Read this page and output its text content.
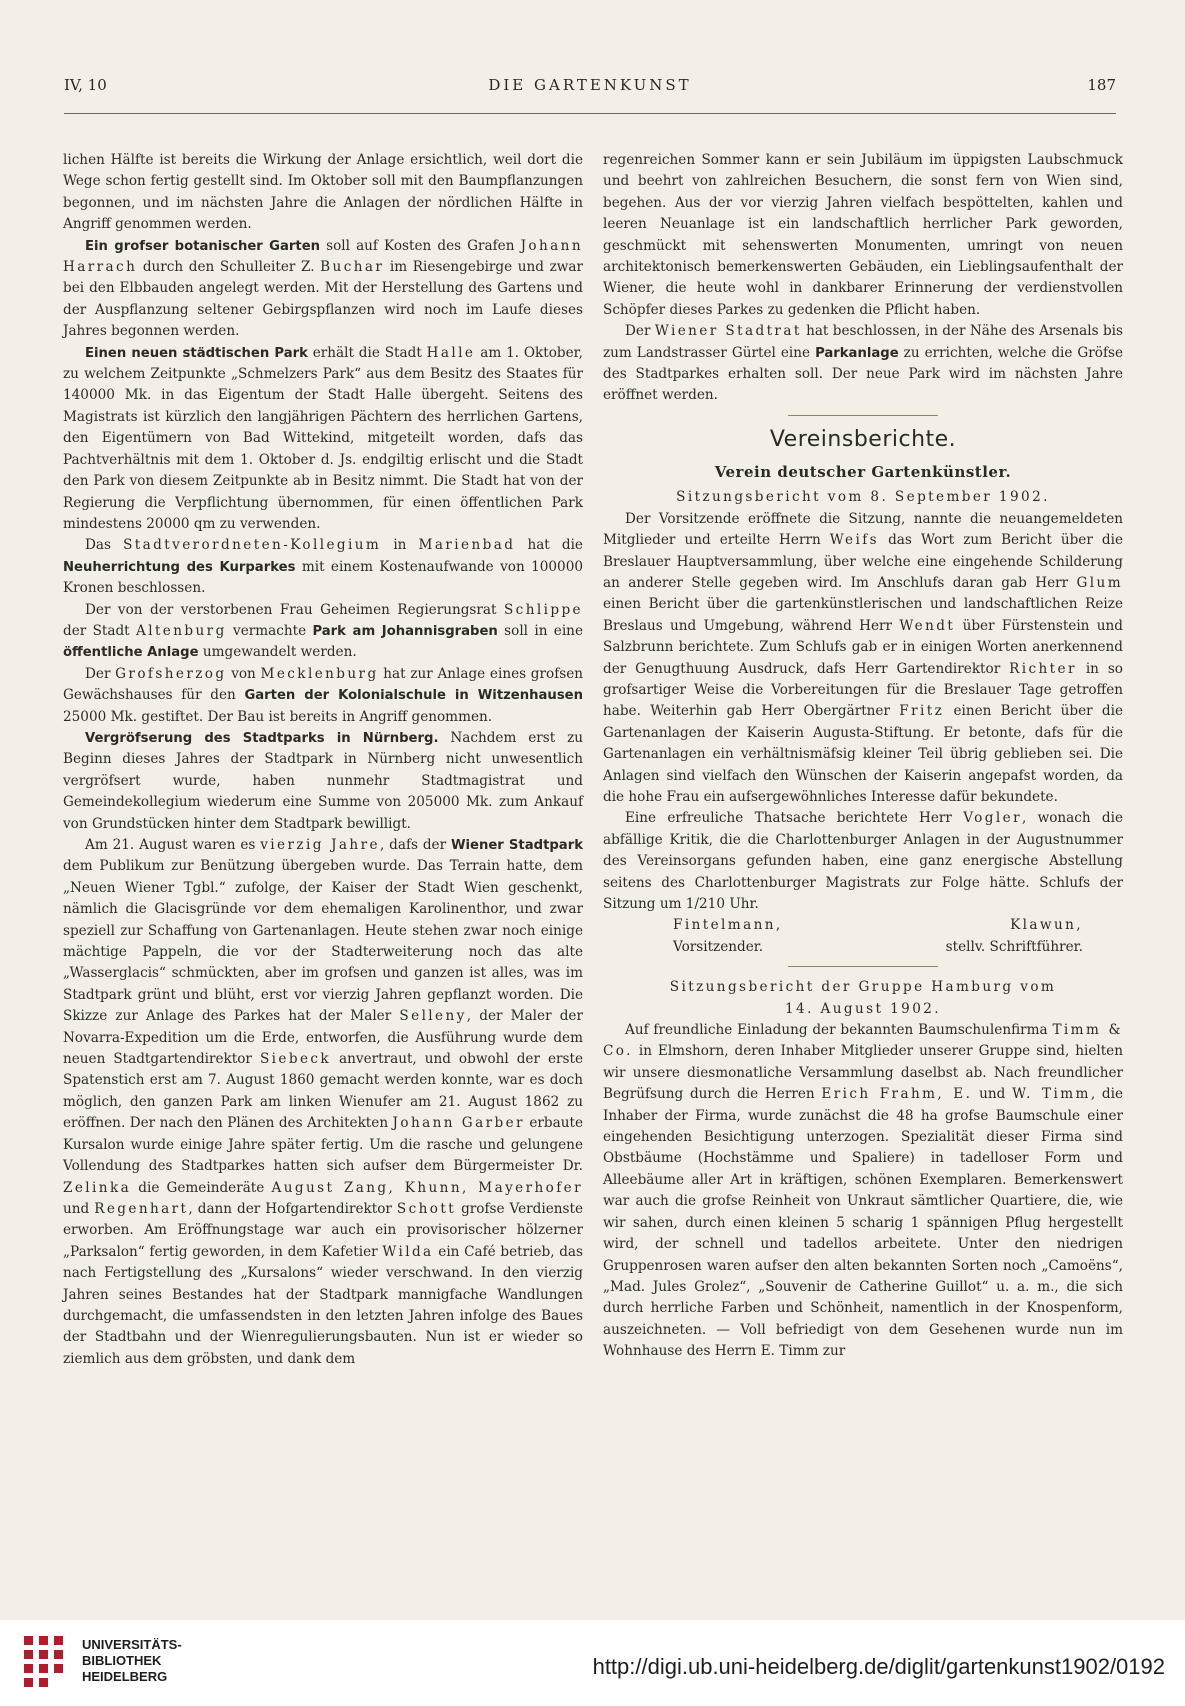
IV, 10	DIE GARTENKUNST	187

lichen Hälfte ist bereits die Wirkung der Anlage ersichtlich, weil dort die Wege schon fertig gestellt sind. Im Oktober soll mit den Baumpflanzungen begonnen, und im nächsten Jahre die Anlagen der nördlichen Hälfte in Angriff genommen werden.

Ein grofser botanischer Garten soll auf Kosten des Grafen Johann Harrach durch den Schulleiter Z. Buchar im Riesengebirge und zwar bei den Elbbauden angelegt werden. Mit der Herstellung des Gartens und der Auspflanzung seltener Gebirgspflanzen wird noch im Laufe dieses Jahres begonnen werden.

Einen neuen städtischen Park erhält die Stadt Halle am 1. Oktober, zu welchem Zeitpunkte „Schmelzers Park“ aus dem Besitz des Staates für 140000 Mk. in das Eigentum der Stadt Halle übergeht. Seitens des Magistrats ist kürzlich den langjährigen Pächtern des herrlichen Gartens, den Eigentümern von Bad Wittekind, mitgeteilt worden, dafs das Pachtverhältnis mit dem 1. Oktober d. Js. endgiltig erlischt und die Stadt den Park von diesem Zeitpunkte ab in Besitz nimmt. Die Stadt hat von der Regierung die Verpflichtung übernommen, für einen öffentlichen Park mindestens 20000 qm zu verwenden.

Das Stadtverordneten-Kollegium in Marienbad hat die Neuherrichtung des Kurparkes mit einem Kostenaufwande von 100000 Kronen beschlossen.

Der von der verstorbenen Frau Geheimen Regierungsrat Schlippe der Stadt Altenburg vermachte Park am Johannisgraben soll in eine öffentliche Anlage umgewandelt werden.

Der Grofsherzog von Mecklenburg hat zur Anlage eines grofsen Gewächshauses für den Garten der Kolonialschule in Witzenhausen 25000 Mk. gestiftet. Der Bau ist bereits in Angriff genommen.

Vergröfserung des Stadtparks in Nürnberg. Nachdem erst zu Beginn dieses Jahres der Stadtpark in Nürnberg nicht unwesentlich vergröfsert wurde, haben nunmehr Stadtmagistrat und Gemeindekollegium wiederum eine Summe von 205000 Mk. zum Ankauf von Grundstücken hinter dem Stadtpark bewilligt.

Am 21. August waren es vierzig Jahre, dafs der Wiener Stadtpark dem Publikum zur Benützung übergeben wurde. Das Terrain hatte, dem „Neuen Wiener Tgbl.“ zufolge, der Kaiser der Stadt Wien geschenkt, nämlich die Glacisgründe vor dem ehemaligen Karolinenthor, und zwar speziell zur Schaffung von Gartenanlagen. Heute stehen zwar noch einige mächtige Pappeln, die vor der Stadterweiterung noch das alte „Wasserglacis“ schmückten, aber im grofsen und ganzen ist alles, was im Stadtpark grünt und blüht, erst vor vierzig Jahren gepflanzt worden. Die Skizze zur Anlage des Parkes hat der Maler Selleny, der Maler der Novarra-Expedition um die Erde, entworfen, die Ausführung wurde dem neuen Stadtgartendirektor Siebeck anvertraut, und obwohl der erste Spatenstich erst am 7. August 1860 gemacht werden konnte, war es doch möglich, den ganzen Park am linken Wienufer am 21. August 1862 zu eröffnen. Der nach den Plänen des Architekten Johann Garber erbaute Kursalon wurde einige Jahre später fertig. Um die rasche und gelungene Vollendung des Stadtparkes hatten sich aufser dem Bürgermeister Dr. Zelinka die Gemeinderäte August Zang, Khunn, Mayerhofer und Regenhart, dann der Hofgartendirektor Schott grofse Verdienste erworben. Am Eröffnungstage war auch ein provisorischer hölzerner „Parksalon“ fertig geworden, in dem Kafetier Wilda ein Café betrieb, das nach Fertigstellung des „Kursalons“ wieder verschwand. In den vierzig Jahren seines Bestandes hat der Stadtpark mannigfache Wandlungen durchgemacht, die umfassendsten in den letzten Jahren infolge des Baues der Stadtbahn und der Wienregulierungsbauten. Nun ist er wieder so ziemlich aus dem gröbsten, und dank dem

regenreichen Sommer kann er sein Jubiläum im üppigsten Laubschmuck und beehrt von zahlreichen Besuchern, die sonst fern von Wien sind, begehen. Aus der vor vierzig Jahren vielfach bespöttelten, kahlen und leeren Neuanlage ist ein landschaftlich herrlicher Park geworden, geschmückt mit sehenswerten Monumenten, umringt von neuen architektonisch bemerkenswerten Gebäuden, ein Lieblingsaufenthalt der Wiener, die heute wohl in dankbarer Erinnerung der verdienstvollen Schöpfer dieses Parkes zu gedenken die Pflicht haben.

Der Wiener Stadtrat hat beschlossen, in der Nähe des Arsenals bis zum Landstrasser Gürtel eine Parkanlage zu errichten, welche die Gröfse des Stadtparkes erhalten soll. Der neue Park wird im nächsten Jahre eröffnet werden.

Vereinsberichte.
Verein deutscher Gartenkünstler.

Sitzungsbericht vom 8. September 1902.

Der Vorsitzende eröffnete die Sitzung, nannte die neuangemeldeten Mitglieder und erteilte Herrn Weifs das Wort zum Bericht über die Breslauer Hauptversammlung, über welche eine eingehende Schilderung an anderer Stelle gegeben wird. Im Anschlufs daran gab Herr Glum einen Bericht über die gartenkünstlerischen und landschaftlichen Reize Breslaus und Umgebung, während Herr Wendt über Fürstenstein und Salzbrunn berichtete. Zum Schlufs gab er in einigen Worten anerkennend der Genugthuung Ausdruck, dafs Herr Gartendirektor Richter in so grofsartiger Weise die Vorbereitungen für die Breslauer Tage getroffen habe. Weiterhin gab Herr Obergärtner Fritz einen Bericht über die Gartenanlagen der Kaiserin Augusta-Stiftung. Er betonte, dafs für die Gartenanlagen ein verhältnismäfsig kleiner Teil übrig geblieben sei. Die Anlagen sind vielfach den Wünschen der Kaiserin angepafst worden, da die hohe Frau ein aufsergewöhnliches Interesse dafür bekundete.

Eine erfreuliche Thatsache berichtete Herr Vogler, wonach die abfällige Kritik, die die Charlottenburger Anlagen in der Augustnummer des Vereinsorgans gefunden haben, eine ganz energische Abstellung seitens des Charlottenburger Magistrats zur Folge hätte. Schlufs der Sitzung um 1/210 Uhr.

Fintelmann,	Klawun,
Vorsitzender.	stellv. Schriftführer.

Sitzungsbericht der Gruppe Hamburg vom

14. August 1902.

Auf freundliche Einladung der bekannten Baumschulenfirma Timm & Co. in Elmshorn, deren Inhaber Mitglieder unserer Gruppe sind, hielten wir unsere diesmonatliche Versammlung daselbst ab. Nach freundlicher Begrüfsung durch die Herren Erich Frahm, E. und W. Timm, die Inhaber der Firma, wurde zunächst die 48 ha grofse Baumschule einer eingehenden Besichtigung unterzogen. Spezialität dieser Firma sind Obstbäume (Hochstämme und Spaliere) in tadelloser Form und Alleebäume aller Art in kräftigen, schönen Exemplaren. Bemerkenswert war auch die grofse Reinheit von Unkraut sämtlicher Quartiere, die, wie wir sahen, durch einen kleinen 5 scharig 1 spännigen Pflug hergestellt wird, der schnell und tadellos arbeitete. Unter den niedrigen Gruppenrosen waren aufser den alten bekannten Sorten noch „Camoëns“, „Mad. Jules Grolez“, „Souvenir de Catherine Guillot“ u. a. m., die sich durch herrliche Farben und Schönheit, namentlich in der Knospenform, auszeichneten. — Voll befriedigt von dem Gesehenen wurde nun im Wohnhause des Herrn E. Timm zur

UNIVERSITÄTS-
BIBLIOTHEK
HEIDELBERG	http://digi.ub.uni-heidelberg.de/diglit/gartenkunst1902/0192
